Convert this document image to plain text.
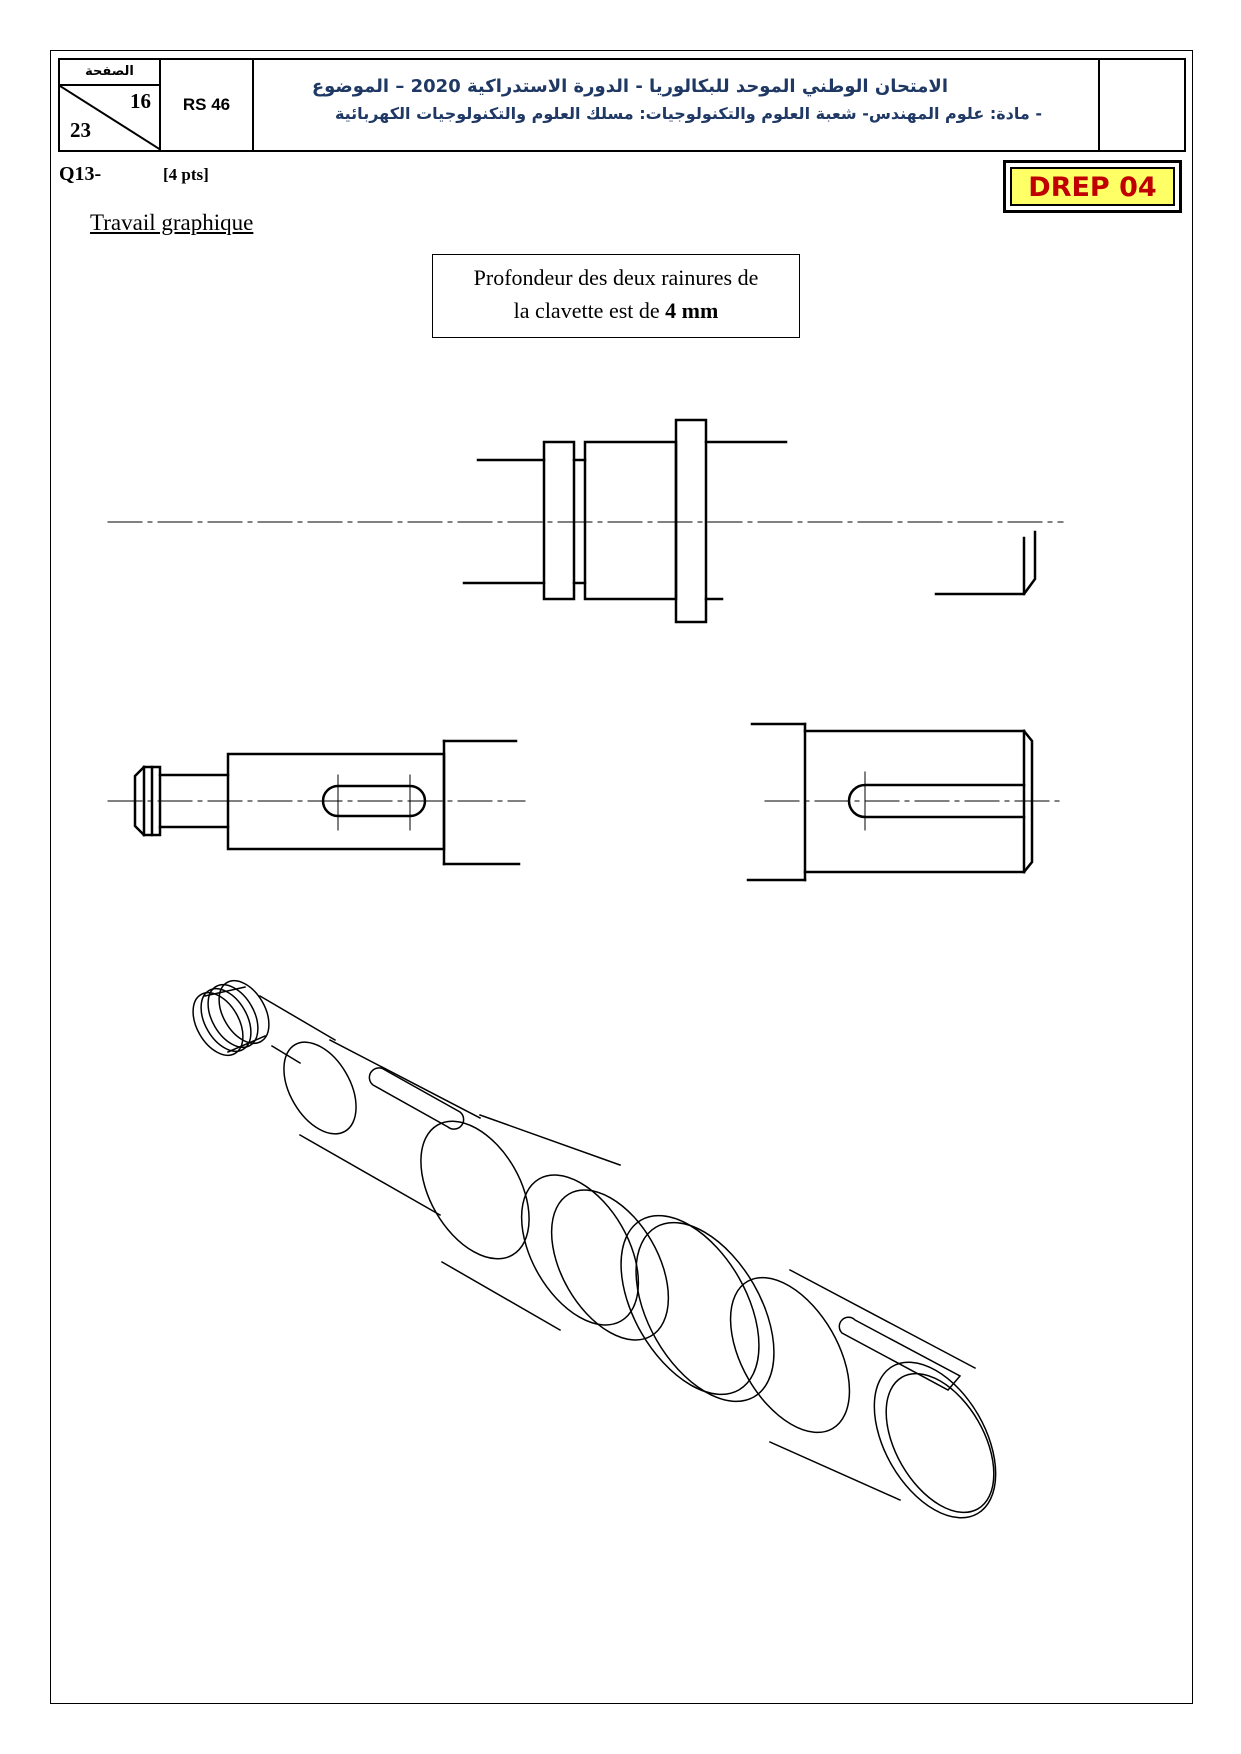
الصفحة
16
23
RS 46
الامتحان الوطني الموحد للبكالوريا - الدورة الاستدراكية 2020 – الموضوع
- مادة: علوم المهندس- شعبة العلوم والتكنولوجيات: مسلك العلوم والتكنولوجيات الكهربائية
Q13-	[4 pts]	DREP 04
Travail graphique
Profondeur des deux rainures de
la clavette est de 4 mm
